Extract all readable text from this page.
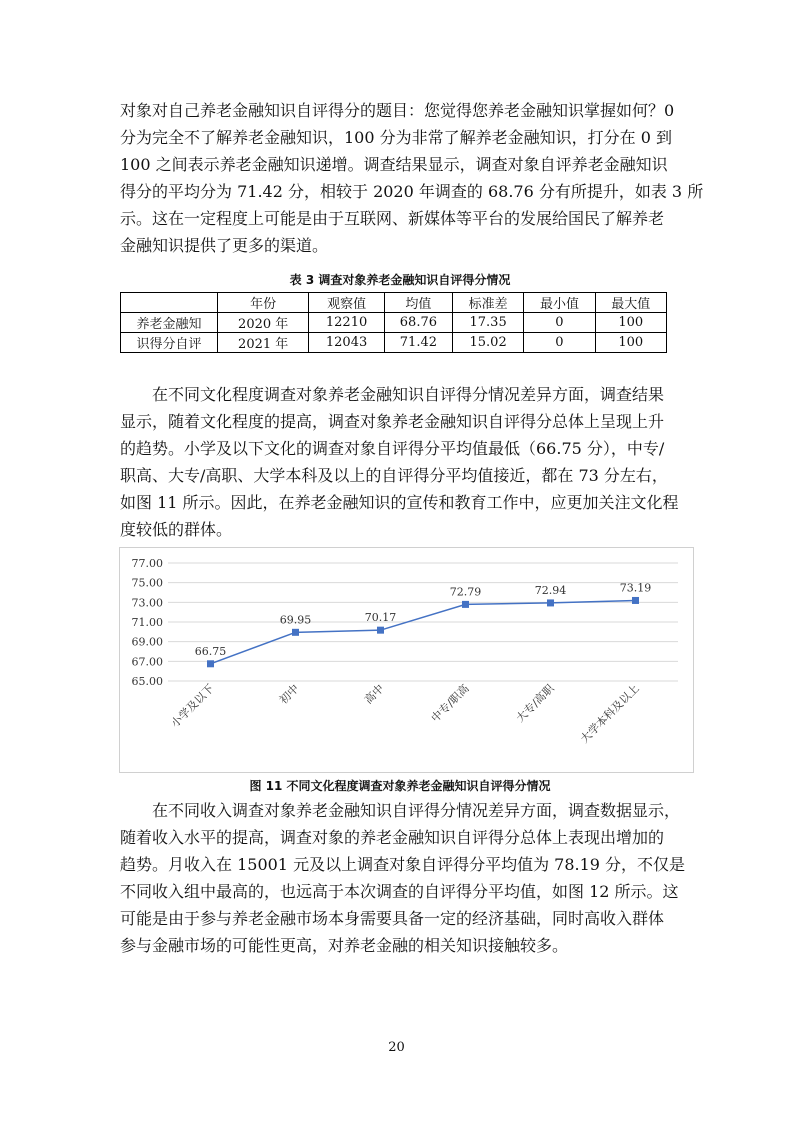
对象对自己养老金融知识自评得分的题目：您觉得您养老金融知识掌握如何？0
分为完全不了解养老金融知识，100 分为非常了解养老金融知识，打分在 0 到
100 之间表示养老金融知识递增。调查结果显示，调查对象自评养老金融知识
得分的平均分为 71.42 分，相较于 2020 年调查的 68.76 分有所提升，如表 3 所
示。这在一定程度上可能是由于互联网、新媒体等平台的发展给国民了解养老
金融知识提供了更多的渠道。
表 3 调查对象养老金融知识自评得分情况
	年份	观察值	均值	标准差	最小值	最大值
养老金融知	2020 年	12210	68.76	17.35	0	100
识得分自评	2021 年	12043	71.42	15.02	0	100
在不同文化程度调查对象养老金融知识自评得分情况差异方面，调查结果
显示，随着文化程度的提高，调查对象养老金融知识自评得分总体上呈现上升
的趋势。小学及以下文化的调查对象自评得分平均值最低（66.75 分），中专/
职高、大专/高职、大学本科及以上的自评得分平均值接近，都在 73 分左右，
如图 11 所示。因此，在养老金融知识的宣传和教育工作中，应更加关注文化程
度较低的群体。
65.00
67.00
69.00
71.00
73.00
75.00
77.00
66.75
69.95	70.17
72.79	72.94	73.19
小学及以下	初中	高中	中专/职高	大专/高职 大学本科及以上
图 11 不同文化程度调查对象养老金融知识自评得分情况
在不同收入调查对象养老金融知识自评得分情况差异方面，调查数据显示，
随着收入水平的提高，调查对象的养老金融知识自评得分总体上表现出增加的
趋势。月收入在 15001 元及以上调查对象自评得分平均值为 78.19 分，不仅是
不同收入组中最高的，也远高于本次调查的自评得分平均值，如图 12 所示。这
可能是由于参与养老金融市场本身需要具备一定的经济基础，同时高收入群体
参与金融市场的可能性更高，对养老金融的相关知识接触较多。
20
